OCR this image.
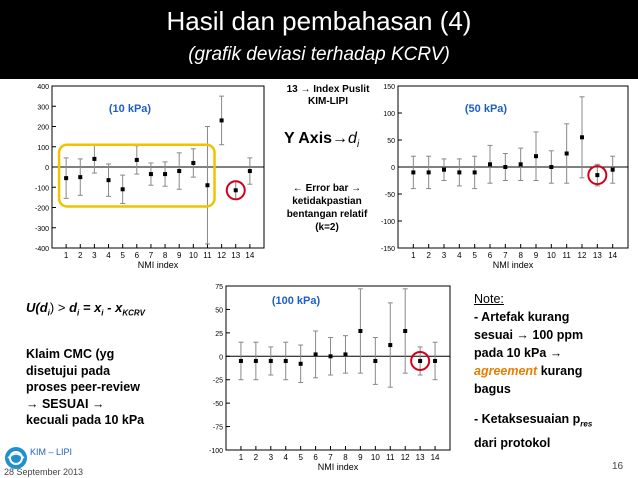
Hasil dan pembahasan (4)
(grafik deviasi terhadap KCRV)
-400
-300
-200
-100
0
100
200
300
400
1 2 3 4 5 6 7 8 9 10 11 12 13 14
NMI index
(10 kPa)
-150
-100
-50
0
50
100
150
1 2 3 4 5 6 7 8 9 10 11 12 13 14
NMI index
(50 kPa)
-100
-75
-50
-25
0
25
50
75
1 2 3 4 5 6 7 8 9 10 11 12 13 14
NMI index
(100 kPa)
13 → Index Puslit KIM-LIPI
Y $Axis\to d_i$
← Error bar → ketidakpastian bentangan relatif (k=2)
$U(d_i) > d_i = x_i - x_{KCRV}$
Klaim CMC (yg
disetujui pada
proses peer-review
→ SESUAI →
kecuali pada 10 kPa
Note:
- Artefak kurang
sesuai → 100 ppm
pada 10 kPa →
agreement kurang
bagus
- Ketaksesuaian $p_{res}$
dari protokol
KIM – LIPI
28 September 2013	16
